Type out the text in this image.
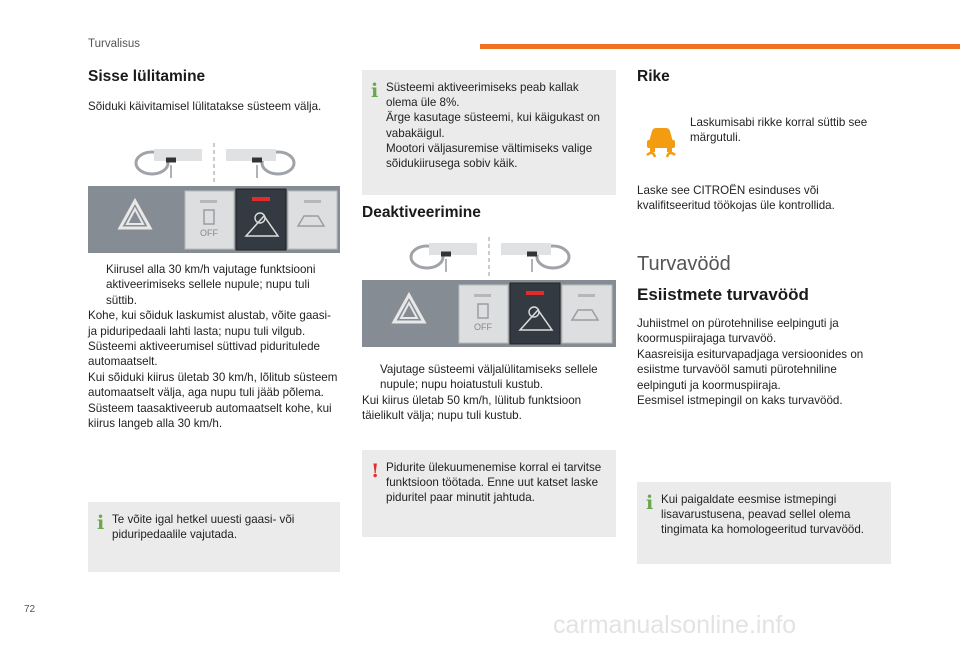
Turvalisus
Sisse lülitamine
Sõiduki käivitamisel lülitatakse süsteem välja.
OFF

Kiirusel alla 30 km/h vajutage funktsiooni aktiveerimiseks sellele nupule; nupu tuli süttib.

Kohe, kui sõiduk laskumist alustab, võite gaasi- ja piduripedaali lahti lasta; nupu tuli vilgub.

Süsteemi aktiveerumisel süttivad piduritulede automaatselt.

Kui sõiduki kiirus ületab 30 km/h, lõlitub süsteem automaatselt välja, aga nupu tuli jääb põlema.

Süsteem taasaktiveerub automaatselt kohe, kui kiirus langeb alla 30 km/h.

i Te võite igal hetkel uuesti gaasi- või piduripedaalile vajutada.
i Süsteemi aktiveerimiseks peab kallak olema üle 8%.

Ärge kasutage süsteemi, kui käigukast on vabakäigul.

Mootori väljasuremise vältimiseks valige sõidukiirusega sobiv käik.

Deaktiveerimine
OFF

Vajutage süsteemi väljalülitamiseks sellele nupule; nupu hoiatustuli kustub.

Kui kiirus ületab 50 km/h, lülitub funktsioon täielikult välja; nupu tuli kustub.

! Pidurite ülekuumenemise korral ei tarvitse funktsioon töötada. Enne uut katset laske piduritel paar minutit jahtuda.
Rike
Laskumisabi rikke korral süttib see märgutuli.
Laske see CITROËN esinduses või kvalifitseeritud töökojas üle kontrollida.
Turvavööd
Esiistmete turvavööd

Juhiistmel on pürotehnilise eelpinguti ja koormuspiirajaga turvavöö.

Kaasreisija esiturvapadjaga versioonides on esiistme turvavööl samuti pürotehniline eelpinguti ja koormuspiiraja.

Eesmisel istmepingil on kaks turvavööd.

i Kui paigaldate eesmise istmepingi lisavarustusena, peavad sellel olema tingimata ka homologeeritud turvavööd.
72
carmanualsonline.info
